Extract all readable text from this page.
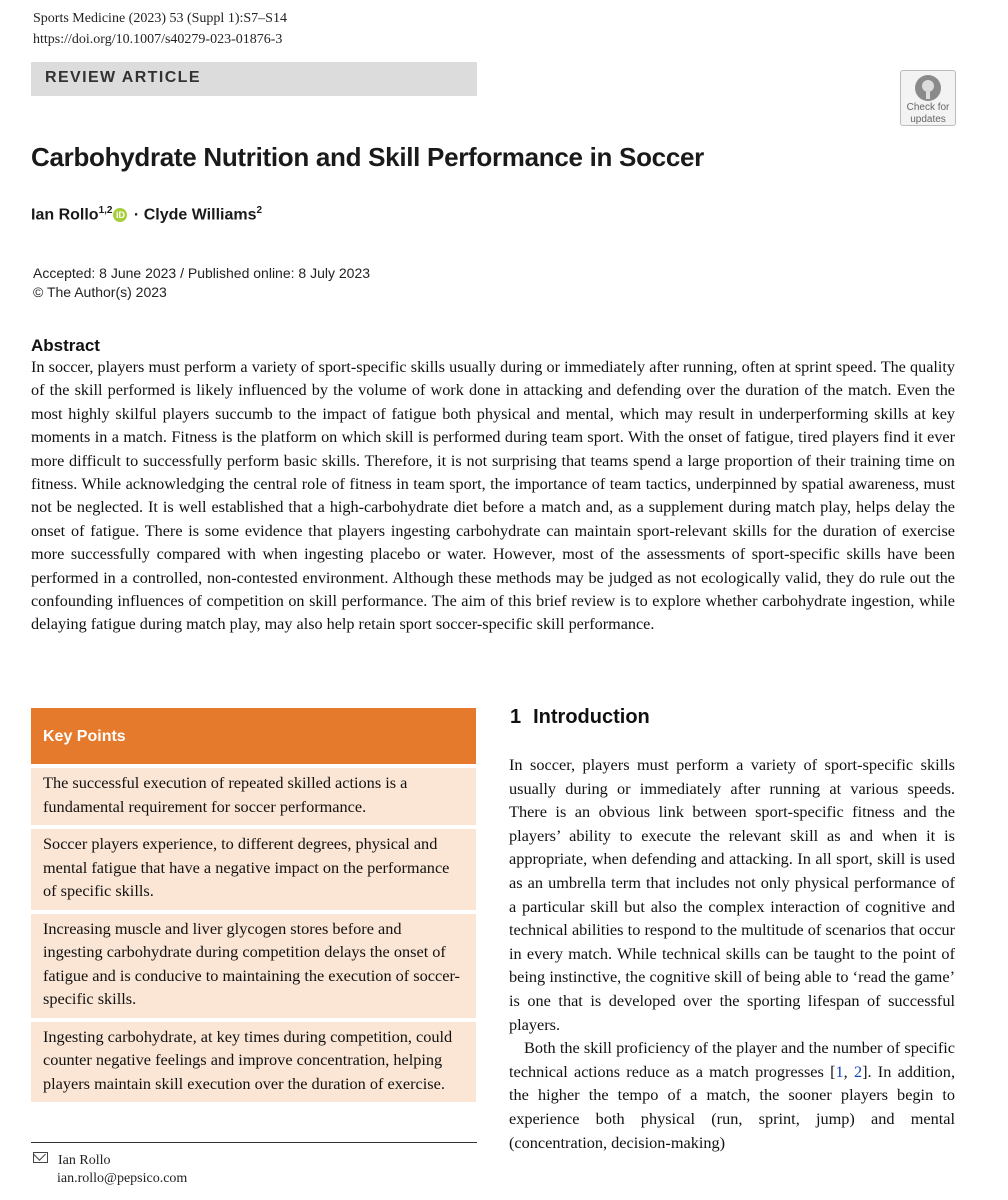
Sports Medicine (2023) 53 (Suppl 1):S7–S14
https://doi.org/10.1007/s40279-023-01876-3
REVIEW ARTICLE
Check for
updates
Carbohydrate Nutrition and Skill Performance in Soccer
Ian Rollo$^{1,2}$ iD · Clyde Williams$^2$
Accepted: 8 June 2023 / Published online: 8 July 2023
© The Author(s) 2023
Abstract
In soccer, players must perform a variety of sport-specific skills usually during or immediately after running, often at sprint speed. The quality of the skill performed is likely influenced by the volume of work done in attacking and defending over the duration of the match. Even the most highly skilful players succumb to the impact of fatigue both physical and mental, which may result in underperforming skills at key moments in a match. Fitness is the platform on which skill is performed during team sport. With the onset of fatigue, tired players find it ever more difficult to successfully perform basic skills. Therefore, it is not surprising that teams spend a large proportion of their training time on fitness. While acknowledging the central role of fitness in team sport, the importance of team tactics, underpinned by spatial awareness, must not be neglected. It is well established that a high-carbohydrate diet before a match and, as a supplement during match play, helps delay the onset of fatigue. There is some evidence that players ingesting carbohydrate can maintain sport-relevant skills for the duration of exercise more successfully compared with when ingesting placebo or water. However, most of the assessments of sport-specific skills have been performed in a controlled, non-contested environment. Although these methods may be judged as not ecologically valid, they do rule out the confounding influences of competition on skill performance. The aim of this brief review is to explore whether carbohydrate ingestion, while delaying fatigue during match play, may also help retain sport soccer-specific skill performance.
Key Points
The successful execution of repeated skilled actions is a fundamental requirement for soccer performance.
Soccer players experience, to different degrees, physical and mental fatigue that have a negative impact on the performance of specific skills.
Increasing muscle and liver glycogen stores before and ingesting carbohydrate during competition delays the onset of fatigue and is conducive to maintaining the execution of soccer-specific skills.
Ingesting carbohydrate, at key times during competition, could counter negative feelings and improve concentration, helping players maintain skill execution over the duration of exercise.
1 Introduction

In soccer, players must perform a variety of sport-specific skills usually during or immediately after running at various speeds. There is an obvious link between sport-specific fitness and the players’ ability to execute the relevant skill as and when it is appropriate, when defending and attacking. In all sport, skill is used as an umbrella term that includes not only physical performance of a particular skill but also the complex interaction of cognitive and technical abilities to respond to the multitude of scenarios that occur in every match. While technical skills can be taught to the point of being instinctive, the cognitive skill of being able to ‘read the game’ is one that is developed over the sporting lifespan of successful players.

Both the skill proficiency of the player and the number of specific technical actions reduce as a match progresses [1, 2]. In addition, the higher the tempo of a match, the sooner players begin to experience both physical (run, sprint, jump) and mental (concentration, decision-making)

Ian Rollo
ian.rollo@pepsico.com
